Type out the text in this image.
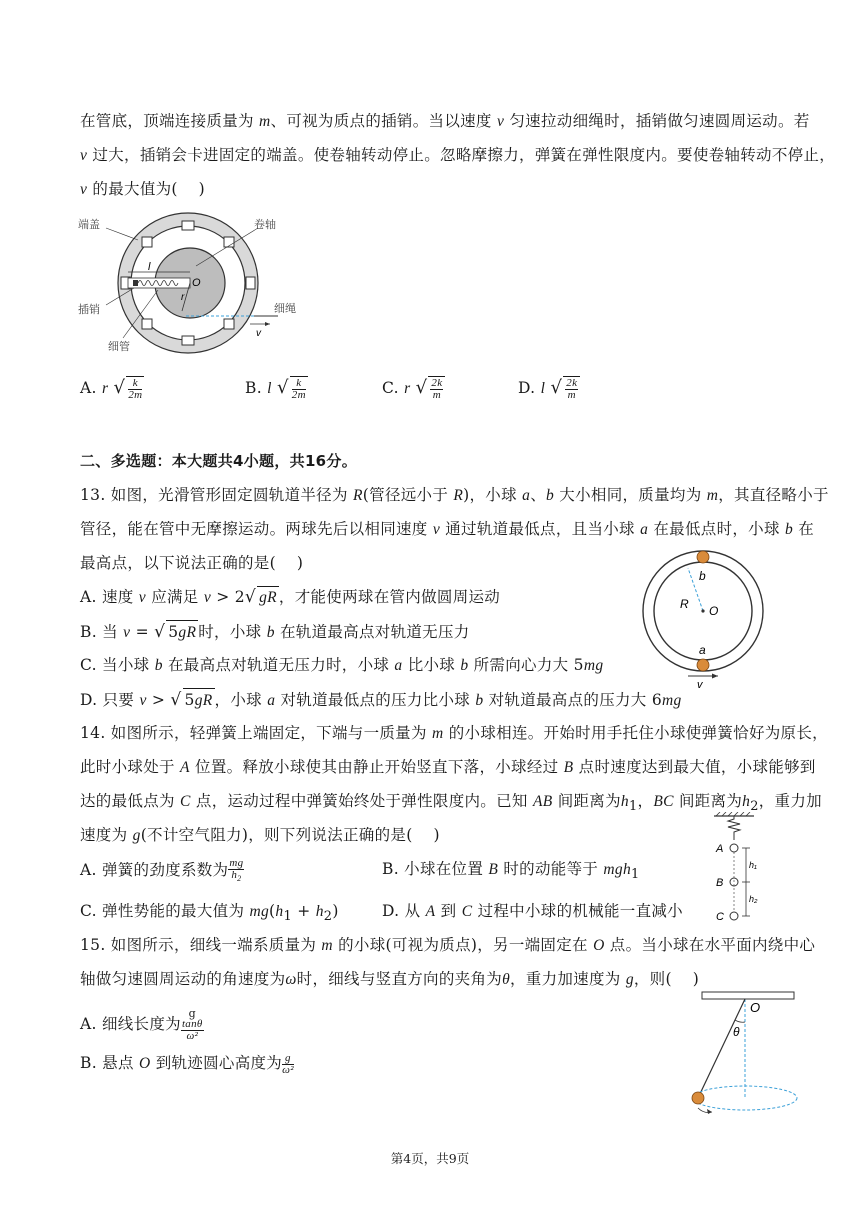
在管底，顶端连接质量为 m、可视为质点的插销。当以速度 v 匀速拉动细绳时，插销做匀速圆周运动。若
v 过大，插销会卡进固定的端盖。使卷轴转动停止。忽略摩擦力，弹簧在弹性限度内。要使卷轴转动不停止，
v 的最大值为(    )
l
O
r
v
端盖	卷轴
插销
细管
细绳
A. r √ $\frac{k}{2m}$	B. l √ $\frac{k}{2m}$	C. r √ $\frac{2k}{m}$	D. l √ $\frac{2k}{m}$
二、多选题：本大题共4小题，共16分。
13. 如图，光滑管形固定圆轨道半径为 R(管径远小于 R)，小球 a、b 大小相同，质量均为 m，其直径略小于
管径，能在管中无摩擦运动。两球先后以相同速度 v 通过轨道最低点，且当小球 a 在最低点时，小球 b 在
最高点，以下说法正确的是(    )
A. 速度 v 应满足 v > 2√ gR ，才能使两球在管内做圆周运动
B. 当 v = √ 5gR 时，小球 b 在轨道最高点对轨道无压力
C. 当小球 b 在最高点对轨道无压力时，小球 a 比小球 b 所需向心力大 5mg
D. 只要 v > √ 5gR ，小球 a 对轨道最低点的压力比小球 b 对轨道最高点的压力大 6mg
b
a
R O
v
14. 如图所示，轻弹簧上端固定，下端与一质量为 m 的小球相连。开始时用手托住小球使弹簧恰好为原长，
此时小球处于 A 位置。释放小球使其由静止开始竖直下落，小球经过 B 点时速度达到最大值，小球能够到
达的最低点为 C 点，运动过程中弹簧始终处于弹性限度内。已知 AB 间距离为$h_1$，BC 间距离为$h_2$，重力加
速度为 g(不计空气阻力)，则下列说法正确的是(    )
A. 弹簧的劲度系数为 $\frac{mg}{h_2}$	B. 小球在位置 B 时的动能等于 mgh$_1$
C. 弹性势能的最大值为 $mg(h_1 + h_2)$	D. 从 A 到 C 过程中小球的机械能一直减小
A
B
C
h₁
h₂
15. 如图所示，细线一端系质量为 m 的小球(可视为质点)，另一端固定在 O 点。当小球在水平面内绕中心
轴做匀速圆周运动的角速度为ω时，细线与竖直方向的夹角为θ，重力加速度为 g，则(    )
A. 细线长度为 g
tanθ
ω²
B. 悬点 O 到轨迹圆心高度为 $\frac{g}{\text{ω²}}$
O
θ
第4页，共9页
